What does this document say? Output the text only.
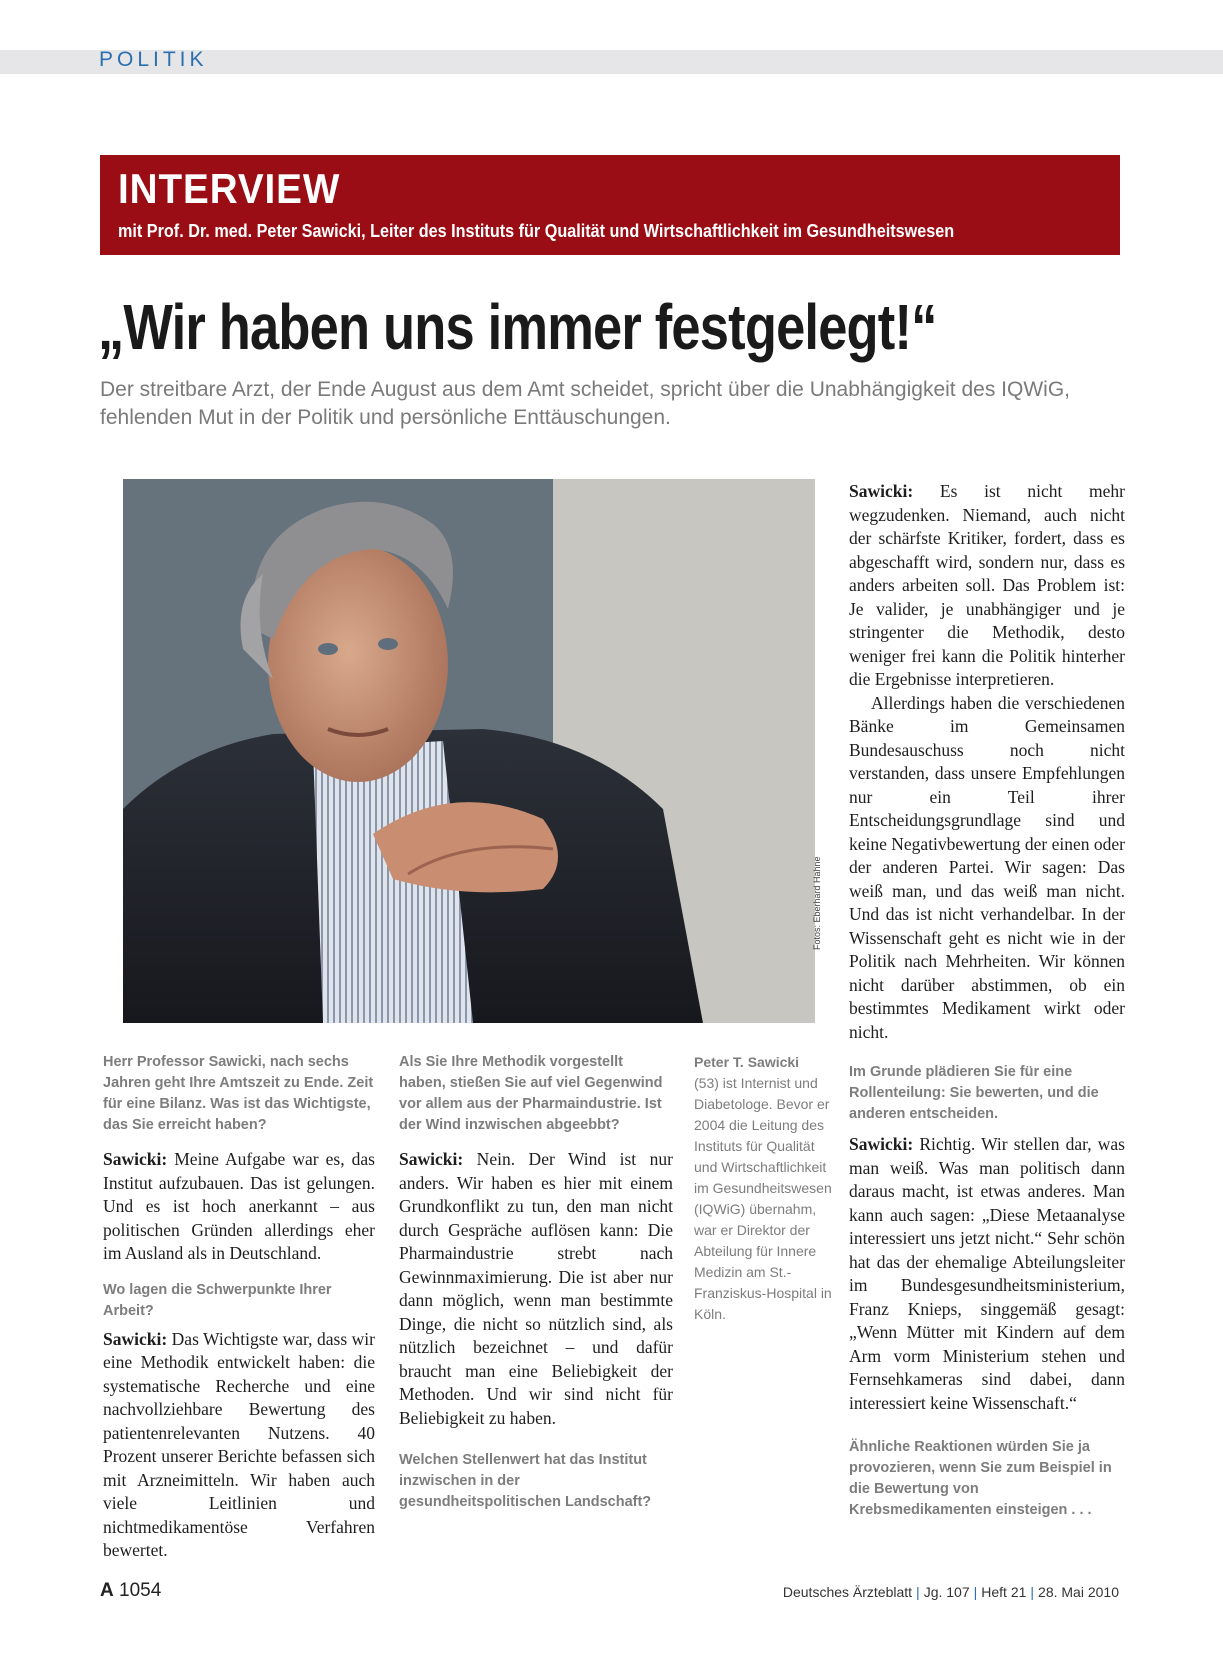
POLITIK
INTERVIEW
mit Prof. Dr. med. Peter Sawicki, Leiter des Instituts für Qualität und Wirtschaftlichkeit im Gesundheitswesen
„Wir haben uns immer festgelegt!“
Der streitbare Arzt, der Ende August aus dem Amt scheidet, spricht über die Unabhängigkeit des IQWiG, fehlenden Mut in der Politik und persönliche Enttäuschungen.
Fotos: Eberhard Hahne

Herr Professor Sawicki, nach sechs Jahren geht Ihre Amtszeit zu Ende. Zeit für eine Bilanz. Was ist das Wichtigste, das Sie erreicht haben?

Sawicki: Meine Aufgabe war es, das Institut aufzubauen. Das ist gelungen. Und es ist hoch anerkannt – aus politischen Gründen allerdings eher im Ausland als in Deutschland.

Wo lagen die Schwerpunkte Ihrer Arbeit?

Sawicki: Das Wichtigste war, dass wir eine Methodik entwickelt haben: die systematische Recherche und eine nachvollziehbare Bewertung des patientenrelevanten Nutzens. 40 Prozent unserer Berichte befassen sich mit Arzneimitteln. Wir haben auch viele Leitlinien und nichtmedikamentöse Verfahren bewertet.

Als Sie Ihre Methodik vorgestellt haben, stießen Sie auf viel Gegenwind vor allem aus der Pharmaindustrie. Ist der Wind inzwischen abgeebbt?

Sawicki: Nein. Der Wind ist nur anders. Wir haben es hier mit einem Grundkonflikt zu tun, den man nicht durch Gespräche auflösen kann: Die Pharmaindustrie strebt nach Gewinnmaximierung. Die ist aber nur dann möglich, wenn man bestimmte Dinge, die nicht so nützlich sind, als nützlich bezeichnet – und dafür braucht man eine Beliebigkeit der Methoden. Und wir sind nicht für Beliebigkeit zu haben.

Welchen Stellenwert hat das Institut inzwischen in der gesundheitspolitischen Landschaft?

Peter T. Sawicki
(53) ist Internist und Diabetologe. Bevor er 2004 die Leitung des Instituts für Qualität und Wirtschaftlichkeit im Gesundheitswesen (IQWiG) übernahm, war er Direktor der Abteilung für Innere Medizin am St.-Franziskus-Hospital in Köln.

Sawicki: Es ist nicht mehr wegzudenken. Niemand, auch nicht der schärfste Kritiker, fordert, dass es abgeschafft wird, sondern nur, dass es anders arbeiten soll. Das Problem ist: Je valider, je unabhängiger und je stringenter die Methodik, desto weniger frei kann die Politik hinterher die Ergebnisse interpretieren.

Allerdings haben die verschiedenen Bänke im Gemeinsamen Bundesauschuss noch nicht verstanden, dass unsere Empfehlungen nur ein Teil ihrer Entscheidungsgrundlage sind und keine Negativbewertung der einen oder der anderen Partei. Wir sagen: Das weiß man, und das weiß man nicht. Und das ist nicht verhandelbar. In der Wissenschaft geht es nicht wie in der Politik nach Mehrheiten. Wir können nicht darüber abstimmen, ob ein bestimmtes Medikament wirkt oder nicht.

Im Grunde plädieren Sie für eine Rollenteilung: Sie bewerten, und die anderen entscheiden.

Sawicki: Richtig. Wir stellen dar, was man weiß. Was man politisch dann daraus macht, ist etwas anderes. Man kann auch sagen: „Diese Metaanalyse interessiert uns jetzt nicht.“ Sehr schön hat das der ehemalige Abteilungsleiter im Bundesgesundheitsministerium, Franz Knieps, singgemäß gesagt: „Wenn Mütter mit Kindern auf dem Arm vorm Ministerium stehen und Fernsehkameras sind dabei, dann interessiert keine Wissenschaft.“

Ähnliche Reaktionen würden Sie ja provozieren, wenn Sie zum Beispiel in die Bewertung von Krebsmedikamenten einsteigen . . .

A 1054	Deutsches Ärzteblatt | Jg. 107 | Heft 21 | 28. Mai 2010
